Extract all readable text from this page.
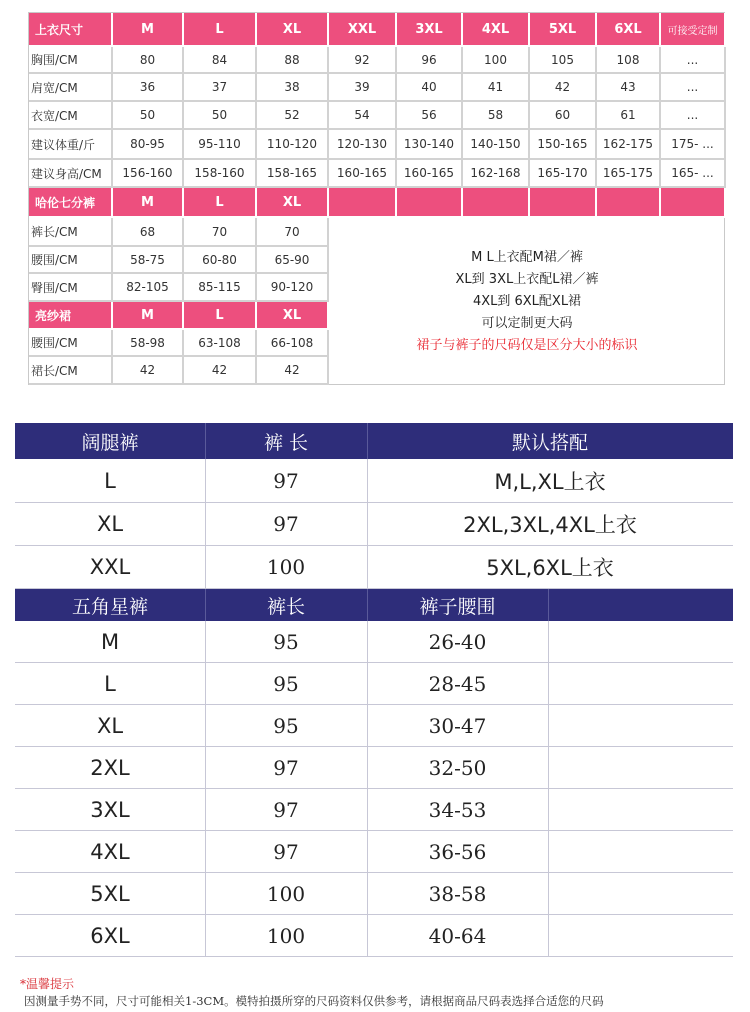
上衣尺寸	M	L	XL	XXL	3XL	4XL	5XL	6XL	可接受定制
胸围/CM	80	84	88	92	96	100	105	108	...
肩宽/CM	36	37	38	39	40	41	42	43	...
衣宽/CM	50	50	52	54	56	58	60	61	...
建议体重/斤	80-95	95-110	110-120	120-130	130-140	140-150	150-165	162-175	175- ...
建议身高/CM	156-160	158-160	158-165	160-165	160-165	162-168	165-170	165-175	165- ...
哈伦七分裤	M	L	XL
裤长/CM	68	70	70
腰围/CM	58-75	60-80	65-90
臀围/CM	82-105	85-115	90-120
亮纱裙	M	L	XL
腰围/CM	58-98	63-108	66-108
裙长/CM	42	42	42
M L上衣配M裙／裤
XL到 3XL上衣配L裙／裤
4XL到 6XL配XL裙
可以定制更大码
裙子与裤子的尺码仅是区分大小的标识
阔腿裤	裤 长	默认搭配
L	97	M,L,XL上衣
XL	97	2XL,3XL,4XL上衣
XXL	100	5XL,6XL上衣
五角星裤	裤长	裤子腰围
M	95	26-40
L	95	28-45
XL	95	30-47
2XL	97	32-50
3XL	97	34-53
4XL	97	36-56
5XL	100	38-58
6XL	100	40-64
*温馨提示
因测量手势不同，尺寸可能相关1-3CM。模特拍摄所穿的尺码资料仅供参考，请根据商品尺码表选择合适您的尺码
